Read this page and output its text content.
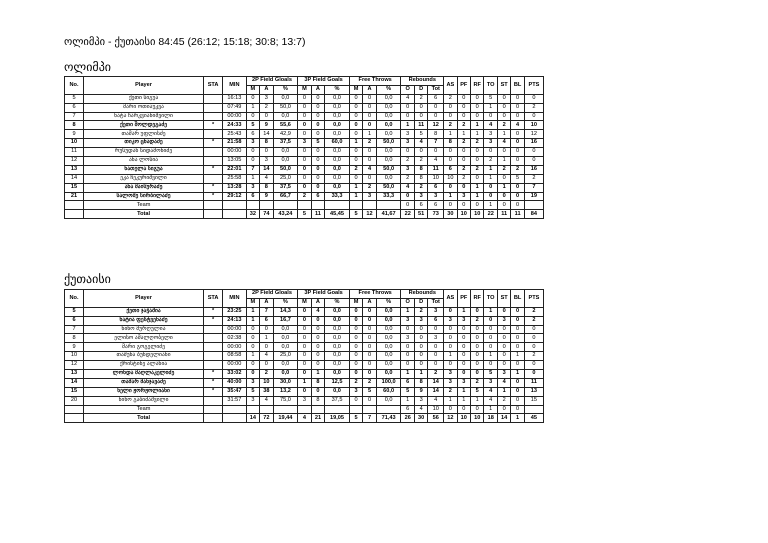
ოლიმპი - ქუთაისი 84:45 (26:12; 15:18; 30:8; 13:7)
ოლიმპი
No.	Player	STA	MIN	2P Field Gloals			3P Field Goals			Free Throws			Rebounds			AS	PF	RF	TO	ST	BL	PTS
				M	A	%	M	A	%	M	A	%	O	D	Tot							
5	ქეთი სიგუა		16:13	0	3	0,0	0	0	0,0	0	0	0,0	4	2	6	2	0	0	5	0	0	0
6	მარი ოთიაუკვა		07:49	1	2	50,0	0	0	0,0	0	0	0,0	0	0	0	0	0	0	1	0	0	2
7	ნატა ჩარკვიანიშვილი		00:00	0	0	0,0	0	0	0,0	0	0	0,0	0	0	0	0	0	0	0	0	0	0
8	ქეთი შოლდეგაძე	*	24:33	5	9	55,6	0	0	0,0	0	0	0,0	1	11	12	2	2	1	4	2	4	10
9	თამარ უფლისძე		25:43	6	14	42,9	0	0	0,0	0	1	0,0	3	5	8	1	1	1	3	1	0	12
10	თიკო ცხადაძე	*	21:58	3	8	37,5	3	5	60,0	1	2	50,0	3	4	7	8	2	2	3	4	0	16
11	რუსუდან სიდამონიძე		00:00	0	0	0,0	0	0	0,0	0	0	0,0	0	0	0	0	0	0	0	0	0	0
12	ანა ლოსია		13:05	0	3	0,0	0	0	0,0	0	0	0,0	2	2	4	0	0	0	2	1	0	0
13	ნათელა სიგუა	*	22:01	7	14	50,0	0	0	0,0	2	4	50,0	3	8	11	6	2	2	1	2	2	16
14	ეკა ჩეკურიშვილი		25:58	1	4	25,0	0	0	0,0	0	0	0,0	2	8	10	10	2	0	1	0	5	2
15	ანა მაისურაძე	*	13:28	3	8	37,5	0	0	0,0	1	2	50,0	4	2	6	0	0	1	0	1	0	7
21	სალომე სირბილაძე	*	29:12	6	9	66,7	2	6	33,3	1	3	33,3	0	3	3	1	3	1	0	0	0	19
	Team												0	6	6	0	0	0	1	0	0	
	Total			32	74	43,24	5	11	45,45	5	12	41,67	22	51	73	30	10	10	22	11	11	84
ქუთაისი
No.	Player	STA	MIN	2P Field Gloals			3P Field Goals			Free Throws			Rebounds			AS	PF	RF	TO	ST	BL	PTS
				M	A	%	M	A	%	M	A	%	O	D	Tot							
5	ქეთი ჯაჭაშია	*	23:25	1	7	14,3	0	4	0,0	0	0	0,0	1	2	3	0	1	0	1	0	0	2
6	ხატია ფესტვენაძე	*	24:13	1	6	16,7	0	0	0,0	0	0	0,0	3	3	6	3	3	2	0	3	0	2
7	ნინო მურღულია		00:00	0	0	0,0	0	0	0,0	0	0	0,0	0	0	0	0	0	0	0	0	0	0
8	ელისო ამალღობელი		02:38	0	1	0,0	0	0	0,0	0	0	0,0	3	0	3	0	0	0	0	0	0	0
9	მარი გოგელიძე		00:00	0	0	0,0	0	0	0,0	0	0	0,0	0	0	0	0	0	0	0	0	0	0
10	თამუნა ბუნდელიანი		08:58	1	4	25,0	0	0	0,0	0	0	0,0	0	0	0	1	0	0	1	0	1	2
12	ქრისტინე ალანია		00:00	0	0	0,0	0	0	0,0	0	0	0,0	0	0	0	0	0	0	0	0	0	0
13	ლონდა მაღლაკელიძე	*	33:02	0	2	0,0	0	1	0,0	0	0	0,0	1	1	2	3	0	0	5	3	1	0
14	თამარ მანჯავაძე	*	40:00	3	10	30,0	1	8	12,5	2	2	100,0	6	8	14	3	3	2	3	4	0	11
15	ნელი ჟორჟოლიანი	*	35:47	5	38	13,2	0	0	0,0	3	5	60,0	5	9	14	2	1	5	4	1	0	13
20	ნინო გაბიძაშვილი		31:57	3	4	75,0	3	8	37,5	0	0	0,0	1	3	4	1	1	1	4	2	0	15
	Team												6	4	10	0	0	0	1	0	0	
	Total			14	72	19,44	4	21	19,05	5	7	71,43	26	30	56	12	10	10	18	14	1	45
